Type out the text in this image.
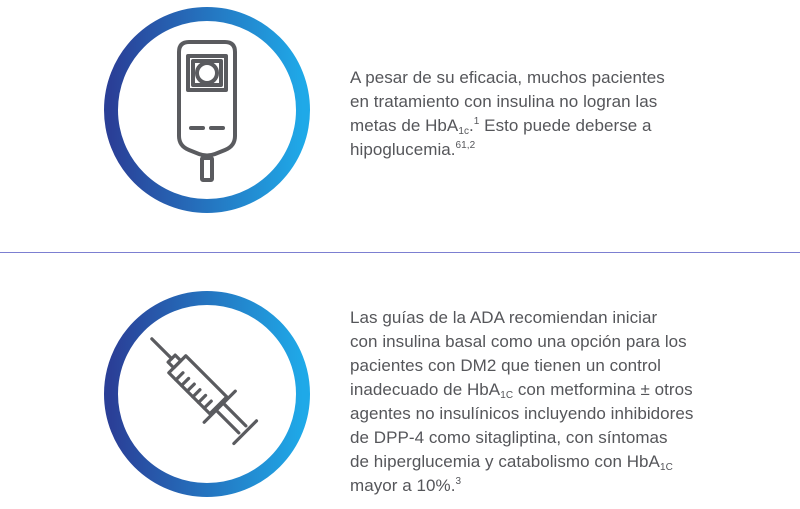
A pesar de su eficacia, muchos pacientes
en tratamiento con insulina no logran las
metas de HbA$_{1c}$.$^1$ Esto puede deberse a
hipoglucemia.$^{61,2}$
Las guías de la ADA recomiendan iniciar
con insulina basal como una opción para los
pacientes con DM2 que tienen un control
inadecuado de HbA$_{1C}$ con metformina ± otros
agentes no insulínicos incluyendo inhibidores
de DPP-4 como sitagliptina, con síntomas
de hiperglucemia y catabolismo con HbA$_{1C}$
mayor a 10%.$^3$
